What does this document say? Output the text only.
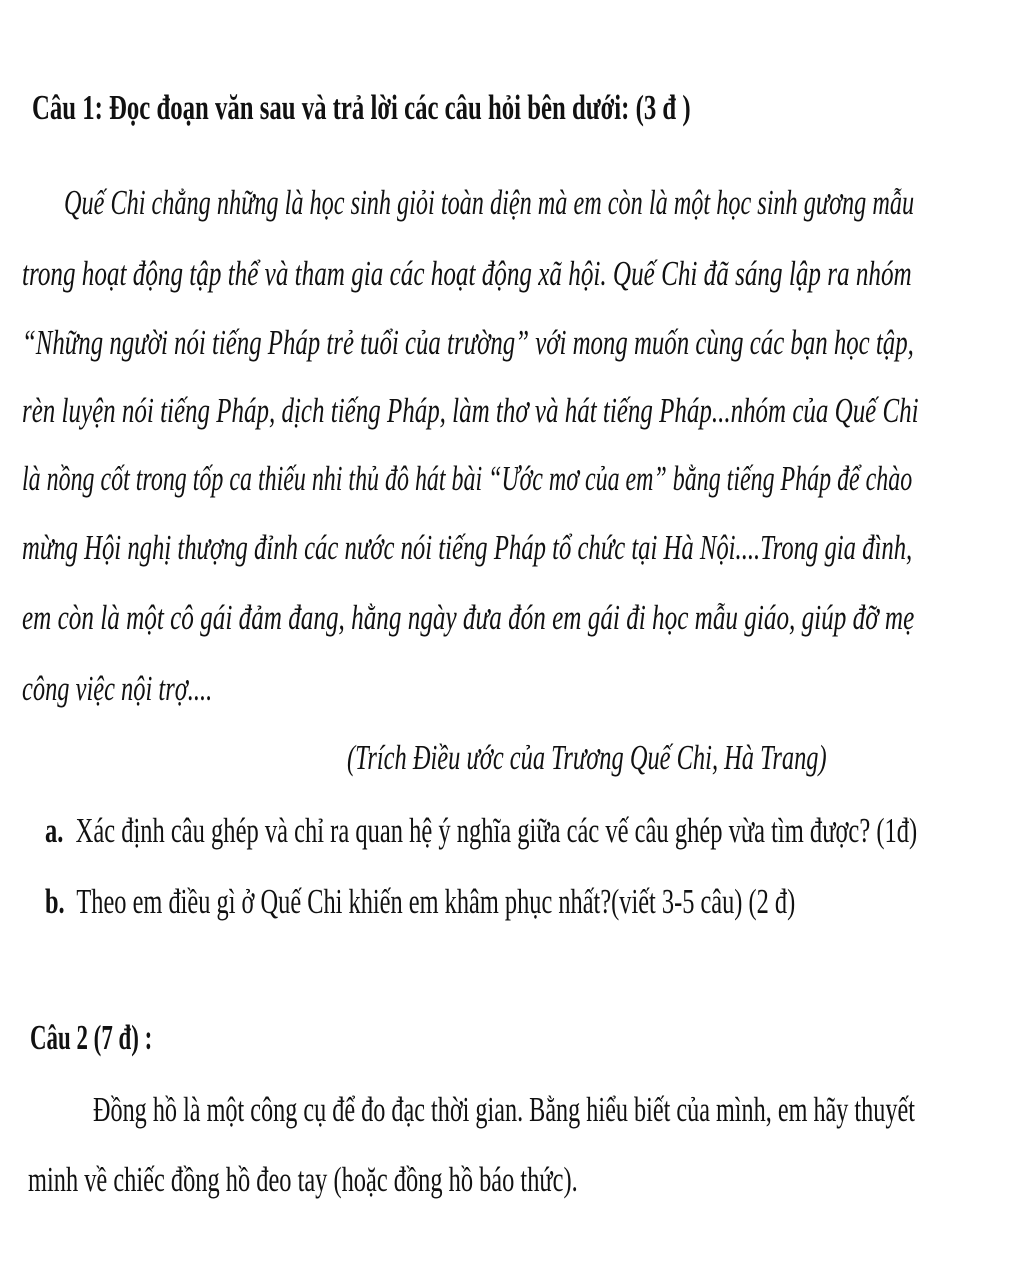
Câu 1: Đọc đoạn văn sau và trả lời các câu hỏi bên dưới: (3 đ )
Quế Chi chẳng những là học sinh giỏi toàn diện mà em còn là một học sinh gương mẫu
trong hoạt động tập thể và tham gia các hoạt động xã hội. Quế Chi đã sáng lập ra nhóm
“Những người nói tiếng Pháp trẻ tuổi của trường” với mong muốn cùng các bạn học tập,
rèn luyện nói tiếng Pháp, dịch tiếng Pháp, làm thơ và hát tiếng Pháp...nhóm của Quế Chi
là nồng cốt trong tốp ca thiếu nhi thủ đô hát bài “Ước mơ của em” bằng tiếng Pháp để chào
mừng Hội nghị thượng đỉnh các nước nói tiếng Pháp tổ chức tại Hà Nội....Trong gia đình,
em còn là một cô gái đảm đang, hằng ngày đưa đón em gái đi học mẫu giáo, giúp đỡ mẹ
công việc nội trợ....
(Trích Điều ước của Trương Quế Chi, Hà Trang)
a. Xác định câu ghép và chỉ ra quan hệ ý nghĩa giữa các vế câu ghép vừa tìm được? (1đ)
b. Theo em điều gì ở Quế Chi khiến em khâm phục nhất?(viết 3-5 câu) (2 đ)
Câu 2 (7 đ) :
Đồng hồ là một công cụ để đo đạc thời gian. Bằng hiểu biết của mình, em hãy thuyết
minh về chiếc đồng hồ đeo tay (hoặc đồng hồ báo thức).
